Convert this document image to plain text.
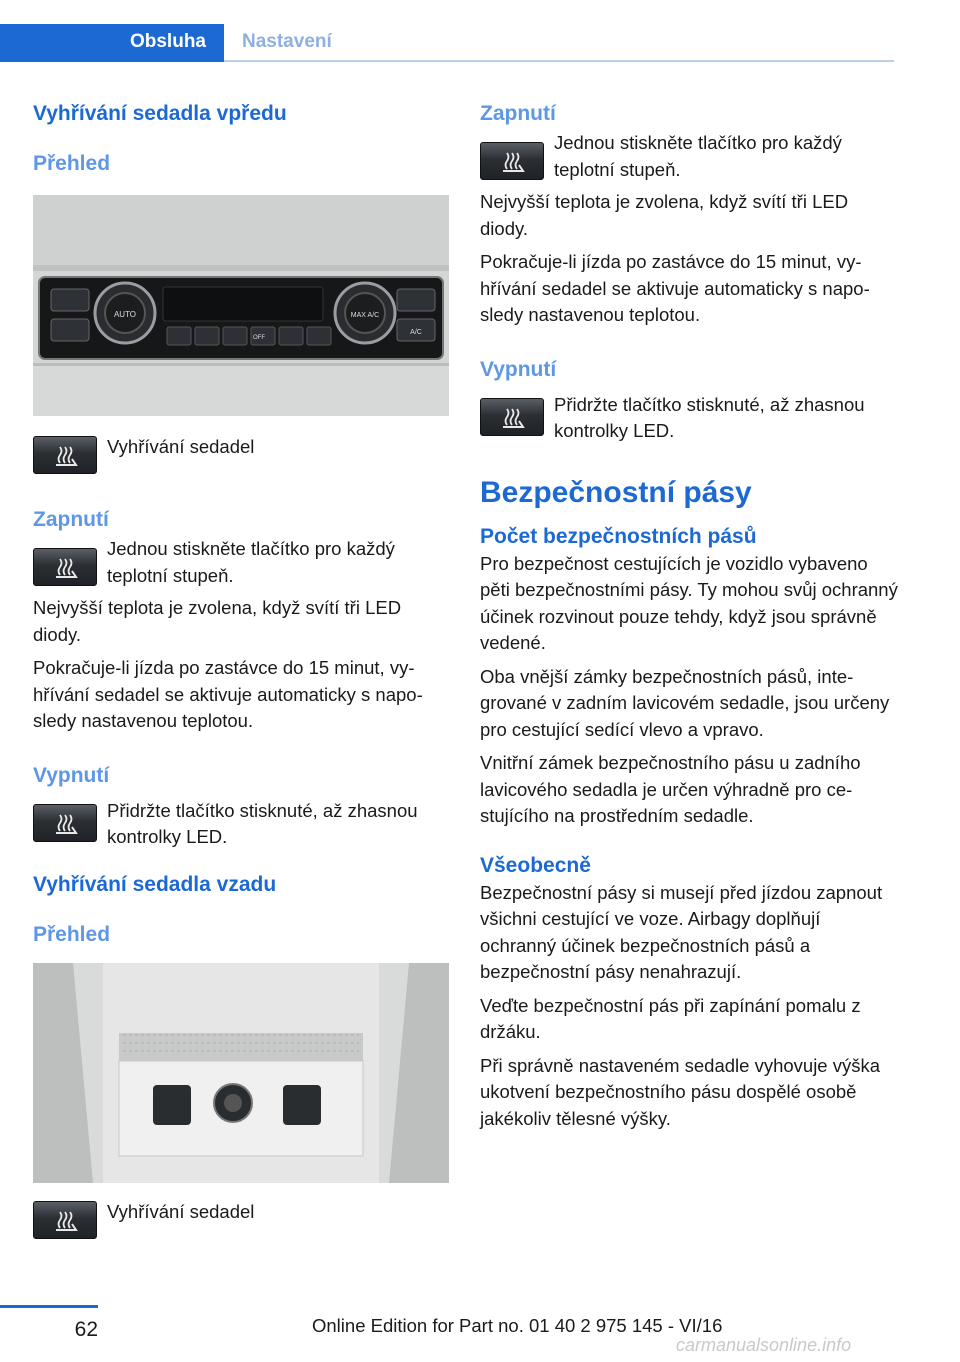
Obsluha	Nastavení
Vyhřívání sedadla vpředu
Přehled
AUTO	MAX A/C
A/C
OFF
Vyhřívání sedadel
Zapnutí
Jednou stiskněte tlačítko pro každý teplotní stupeň.

Nejvyšší teplota je zvolena, když svítí tři LED diody.

Pokračuje-li jízda po zastávce do 15 minut, vyhřívání sedadel se aktivuje automaticky s naposledy nastavenou teplotou.

Vypnutí
Přidržte tlačítko stisknuté, až zhasnou kontrolky LED.
Vyhřívání sedadla vzadu
Přehled
Vyhřívání sedadel
Zapnutí
Jednou stiskněte tlačítko pro každý teplotní stupeň.

Nejvyšší teplota je zvolena, když svítí tři LED diody.

Pokračuje-li jízda po zastávce do 15 minut, vyhřívání sedadel se aktivuje automaticky s naposledy nastavenou teplotou.

Vypnutí
Přidržte tlačítko stisknuté, až zhasnou kontrolky LED.
Bezpečnostní pásy
Počet bezpečnostních pásů

Pro bezpečnost cestujících je vozidlo vybaveno pěti bezpečnostními pásy. Ty mohou svůj ochranný účinek rozvinout pouze tehdy, když jsou správně vedené.

Oba vnější zámky bezpečnostních pásů, integrované v zadním lavicovém sedadle, jsou určeny pro cestující sedící vlevo a vpravo.

Vnitřní zámek bezpečnostního pásu u zadního lavicového sedadla je určen výhradně pro cestujícího na prostředním sedadle.

Všeobecně

Bezpečnostní pásy si musejí před jízdou zapnout všichni cestující ve voze. Airbagy doplňují ochranný účinek bezpečnostních pásů a bezpečnostní pásy nenahrazují.

Veďte bezpečnostní pás při zapínání pomalu z držáku.

Při správně nastaveném sedadle vyhovuje výška ukotvení bezpečnostního pásu dospělé osobě jakékoliv tělesné výšky.

62	Online Edition for Part no. 01 40 2 975 145 - VI/16
carmanualsonline.info
